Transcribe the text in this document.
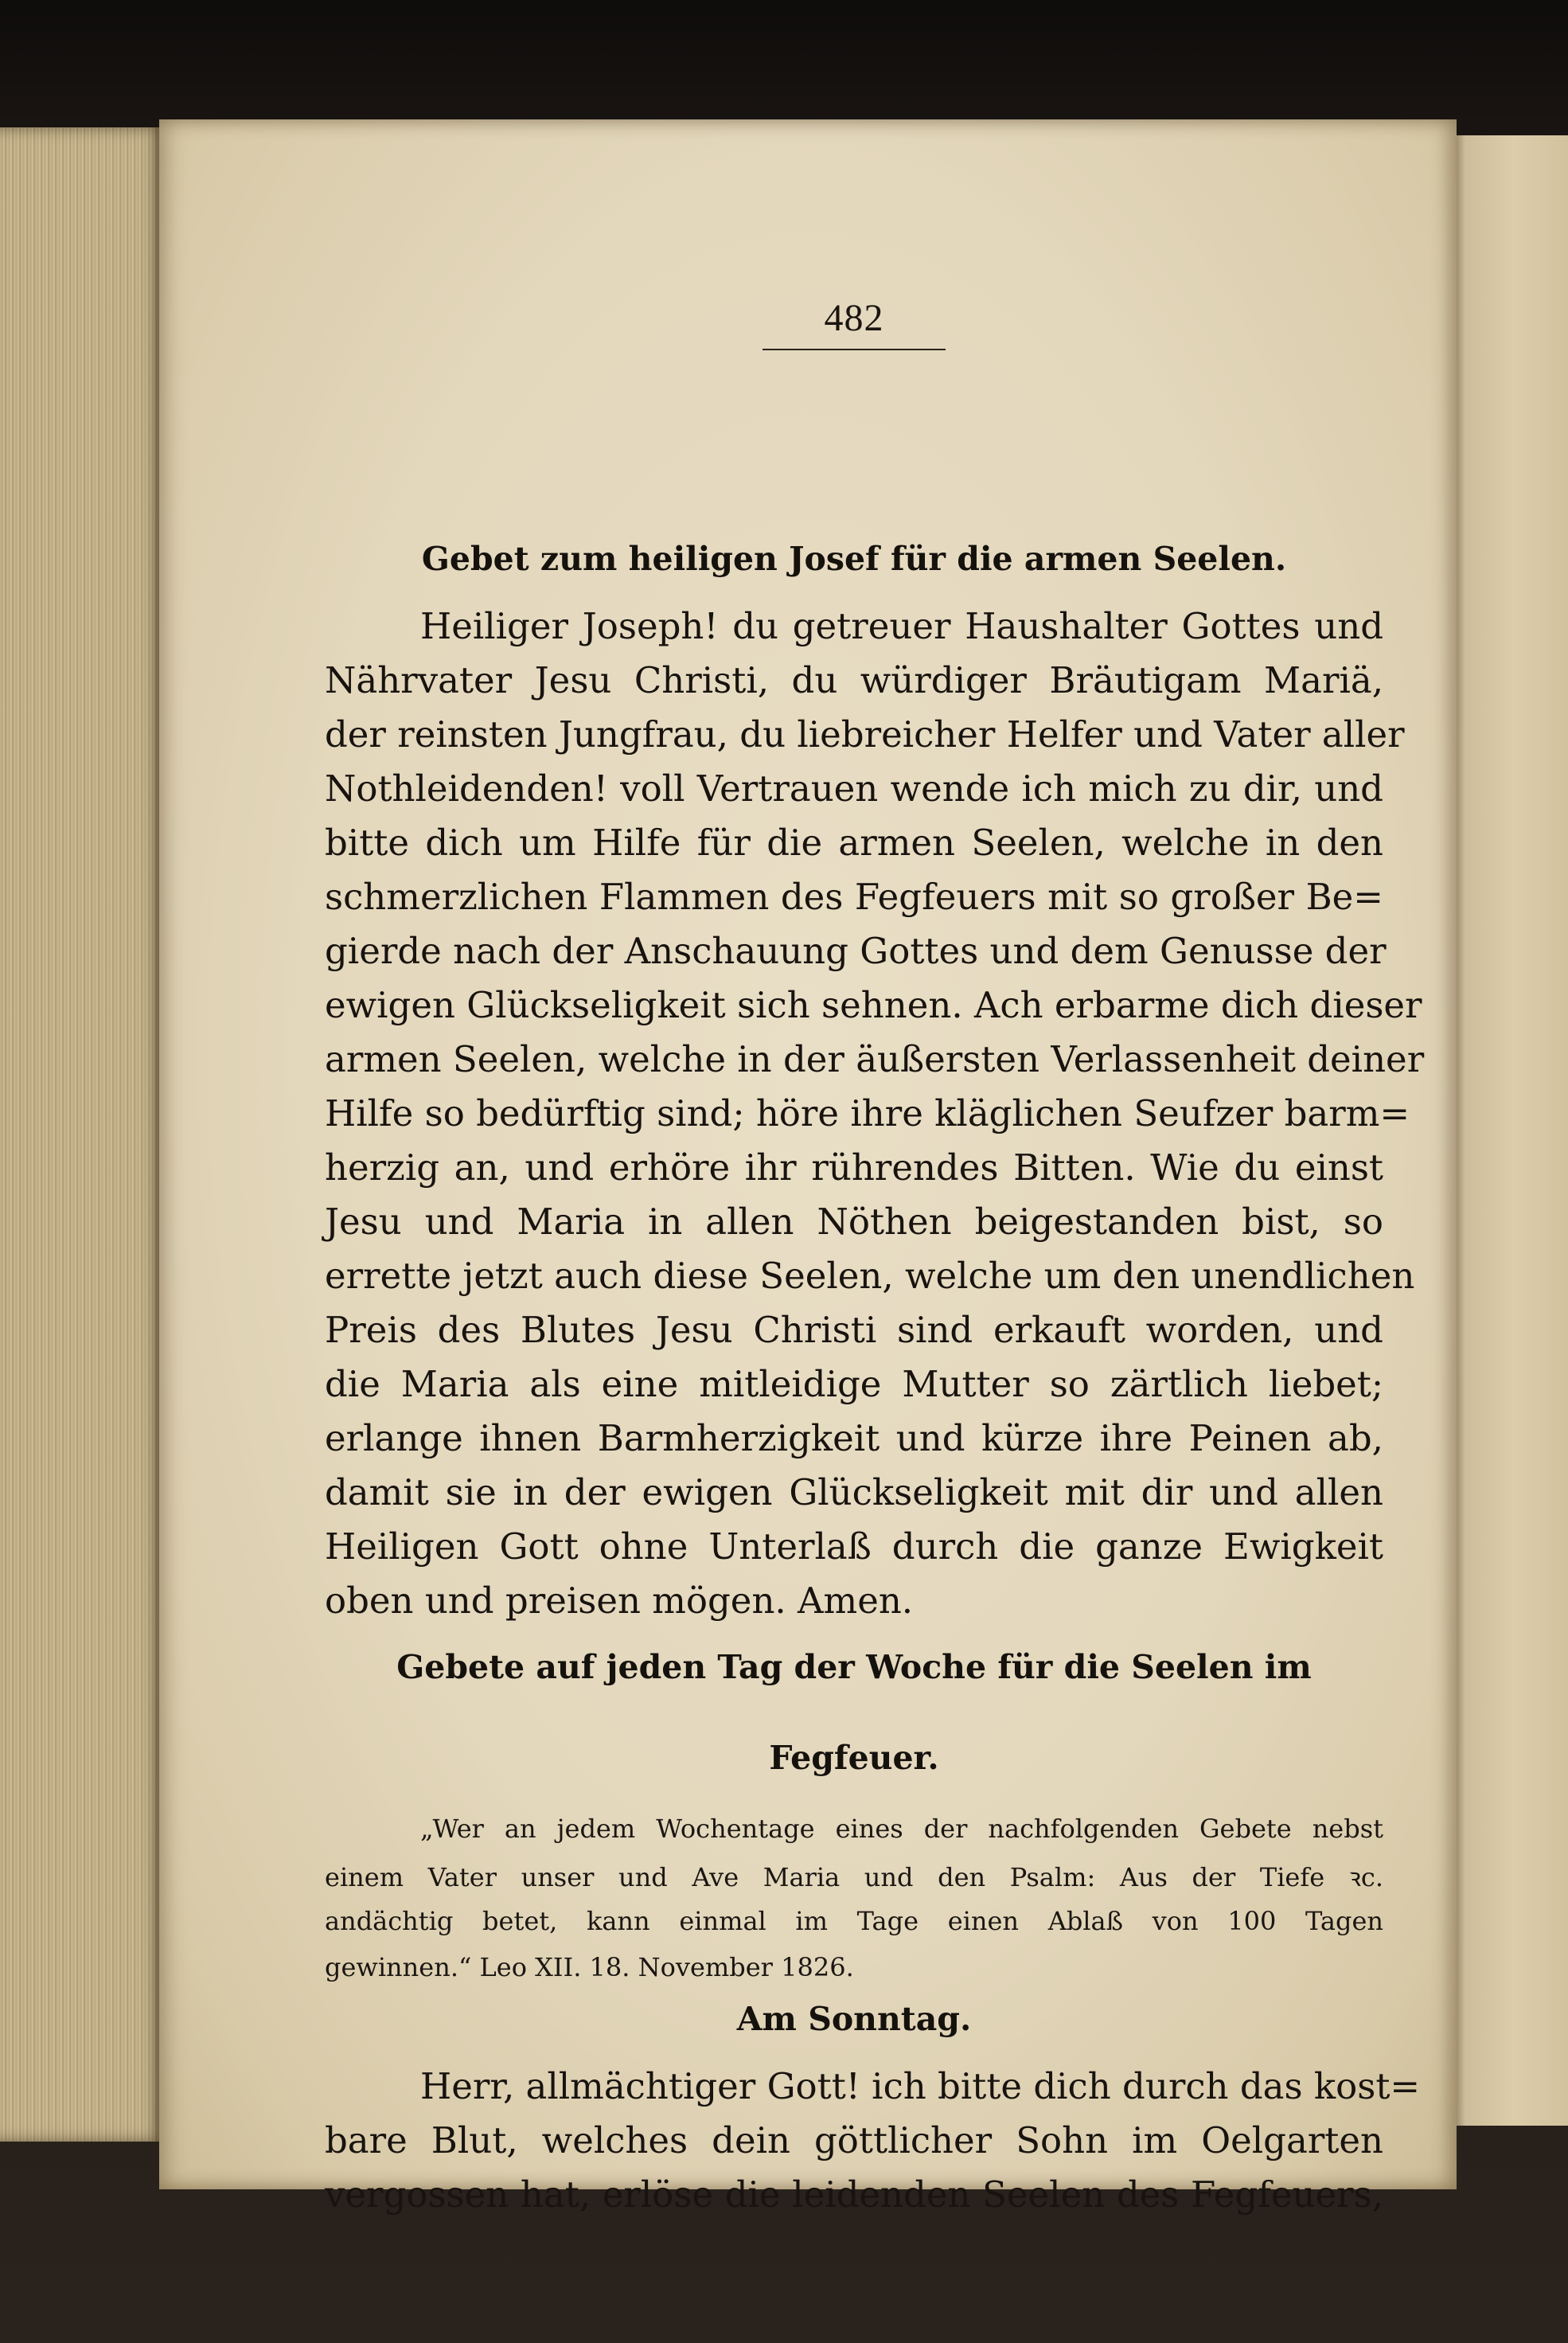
482
Gebet zum heiligen Josef für die armen Seelen.
Heiliger Joseph! du getreuer Haushalter Gottes und
Nährvater Jesu Christi, du würdiger Bräutigam Mariä,
der reinsten Jungfrau, du liebreicher Helfer und Vater aller
Nothleidenden! voll Vertrauen wende ich mich zu dir, und
bitte dich um Hilfe für die armen Seelen, welche in den
schmerzlichen Flammen des Fegfeuers mit so großer Be=
gierde nach der Anschauung Gottes und dem Genusse der
ewigen Glückseligkeit sich sehnen. Ach erbarme dich dieser
armen Seelen, welche in der äußersten Verlassenheit deiner
Hilfe so bedürftig sind; höre ihre kläglichen Seufzer barm=
herzig an, und erhöre ihr rührendes Bitten. Wie du einst
Jesu und Maria in allen Nöthen beigestanden bist, so
errette jetzt auch diese Seelen, welche um den unendlichen
Preis des Blutes Jesu Christi sind erkauft worden, und
die Maria als eine mitleidige Mutter so zärtlich liebet;
erlange ihnen Barmherzigkeit und kürze ihre Peinen ab,
damit sie in der ewigen Glückseligkeit mit dir und allen
Heiligen Gott ohne Unterlaß durch die ganze Ewigkeit
oben und preisen mögen. Amen.
Gebete auf jeden Tag der Woche für die Seelen im
Fegfeuer.
„Wer an jedem Wochentage eines der nachfolgenden Gebete nebst
einem Vater unser und Ave Maria und den Psalm: Aus der Tiefe ꝛc.
andächtig betet, kann einmal im Tage einen Ablaß von 100 Tagen
gewinnen.“ Leo XII. 18. November 1826.
Am Sonntag.
Herr, allmächtiger Gott! ich bitte dich durch das kost=
bare Blut, welches dein göttlicher Sohn im Oelgarten
vergossen hat, erlöse die leidenden Seelen des Fegfeuers,
